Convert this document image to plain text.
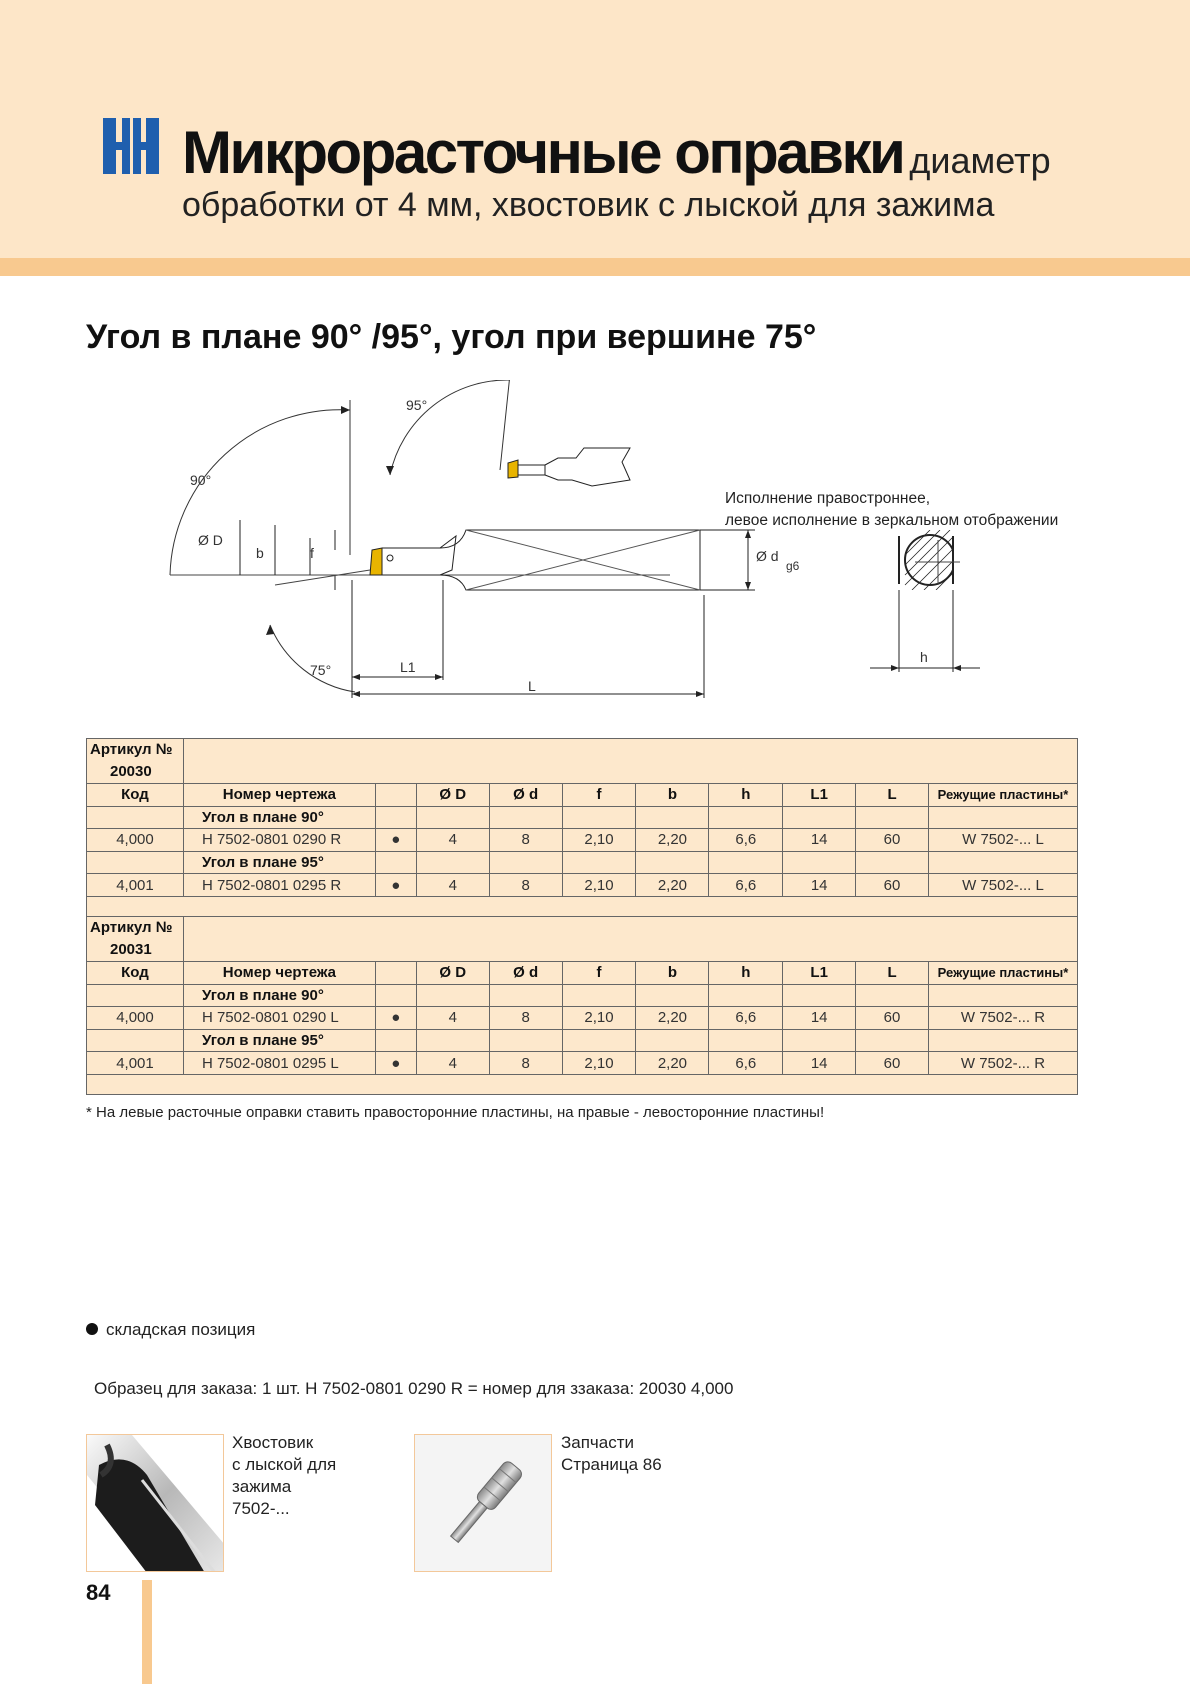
Микрорасточные оправки диаметр
обработки от 4 мм, хвостовик с лыской для зажима
Угол в плане 90° /95°, угол при вершине 75°
95°
90°
Ø D
b	f
75°	L1
L
Ø d
g6
h
Исполнение правостроннее,
левое исполнение в зеркальном отображении
Артикул №
20030										
Код	Номер чертежа		Ø D	Ø d	f	b	h	L1	L	Режущие пластины*
	Угол в плане 90°									
4,000	H 7502-0801 0290 R	●	4	8	2,10	2,20	6,6	14	60	W 7502-... L
	Угол в плане 95°									
4,001	H 7502-0801 0295 R	●	4	8	2,10	2,20	6,6	14	60	W 7502-... L

Артикул №
20031										
Код	Номер чертежа		Ø D	Ø d	f	b	h	L1	L	Режущие пластины*
	Угол в плане 90°									
4,000	H 7502-0801 0290 L	●	4	8	2,10	2,20	6,6	14	60	W 7502-... R
	Угол в плане 95°									
4,001	H 7502-0801 0295 L	●	4	8	2,10	2,20	6,6	14	60	W 7502-... R

* На левые расточные оправки ставить правосторонние пластины, на правые - левосторонние пластины!
складская позиция
Образец для заказа: 1 шт. H 7502-0801 0290 R = номер для ззаказа: 20030 4,000
Хвостовик
с лыской для
зажима
7502-...
Запчасти
Страница 86
84
